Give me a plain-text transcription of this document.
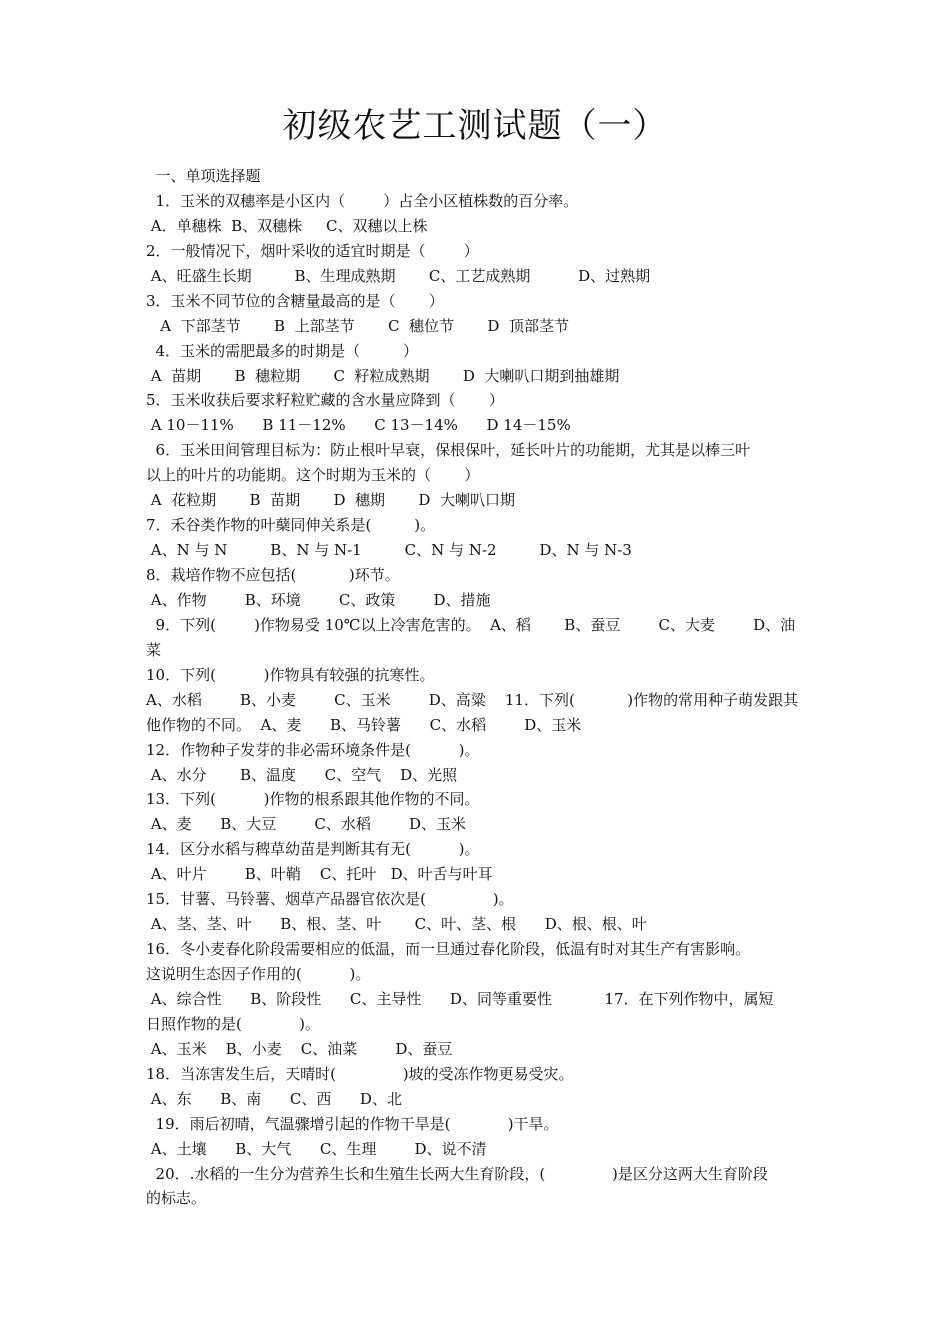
初级农艺工测试题（一）
一、单项选择题
1．玉米的双穗率是小区内（        ）占全小区植株数的百分率。
A．单穗株  B、双穗株     C、双穗以上株
2．一般情况下，烟叶采收的适宜时期是（        ）
A、旺盛生长期         B、生理成熟期       C、工艺成熟期          D、过熟期
3．玉米不同节位的含糖量最高的是（       ）
A  下部茎节       B  上部茎节       C  穗位节       D  顶部茎节
4．玉米的需肥最多的时期是（         ）
A  苗期       B  穗粒期       C  籽粒成熟期       D  大喇叭口期到抽雄期
5．玉米收获后要求籽粒贮藏的含水量应降到（       ）
A 10－11%      B 11－12%      C 13－14%      D 14－15%
6．玉米田间管理目标为：防止根叶早衰，保根保叶，延长叶片的功能期，尤其是以棒三叶
以上的叶片的功能期。这个时期为玉米的（       ）
A  花粒期       B  苗期       D  穗期       D  大喇叭口期
7．禾谷类作物的叶蘖同伸关系是(         )。
A、N 与 N         B、N 与 N-1         C、N 与 N-2         D、N 与 N-3
8．栽培作物不应包括(           )环节。
A、作物        B、环境        C、政策        D、措施
9．下列(        )作物易受 10℃以上冷害危害的。  A、稻       B、蚕豆        C、大麦        D、油
菜
10．下列(          )作物具有较强的抗寒性。
A、水稻        B、小麦        C、玉米        D、高粱    11．下列(           )作物的常用种子萌发跟其
他作物的不同。  A、麦      B、马铃薯      C、水稻        D、玉米
12．作物种子发芽的非必需环境条件是(          )。
A、水分       B、温度      C、空气    D、光照
13．下列(          )作物的根系跟其他作物的不同。
A、麦      B、大豆        C、水稻        D、玉米
14．区分水稻与稗草幼苗是判断其有无(          )。
A、叶片        B、叶鞘    C、托叶   D、叶舌与叶耳
15．甘薯、马铃薯、烟草产品器官依次是(              )。
A、茎、茎、叶      B、根、茎、叶       C、叶、茎、根      D、根、根、叶
16．冬小麦春化阶段需要相应的低温，而一旦通过春化阶段，低温有时对其生产有害影响。
这说明生态因子作用的(          )。
A、综合性      B、阶段性      C、主导性      D、同等重要性           17．在下列作物中，属短
日照作物的是(            )。
A、玉米    B、小麦    C、油菜        D、蚕豆
18．当冻害发生后，天晴时(              )坡的受冻作物更易受灾。
A、东      B、南      C、西      D、北
19．雨后初晴，气温骤增引起的作物干旱是(            )干旱。
A、土壤      B、大气      C、生理        D、说不清
20．.水稻的一生分为营养生长和生殖生长两大生育阶段，(              )是区分这两大生育阶段
的标志。
